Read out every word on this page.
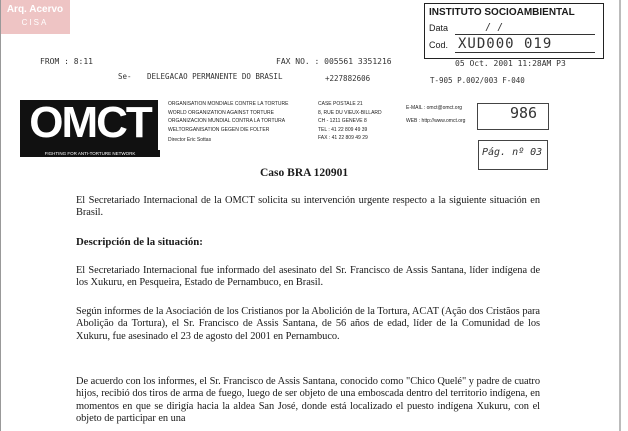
Arq. Acervo
CISA
INSTITUTO SOCIOAMBIENTAL
Data	/ /
Cod. XUD000 019
FROM : 8:11	FAX NO. : 005561 3351216	05 Oct. 2001 11:28AM P3
Se- DELEGACAO PERMANENTE DO BRASIL	+227882606	T-905 P.002/003 F-040
OMCT
FIGHTING FOR ANTI-TORTURE NETWORK
ORGANISATION MONDIALE CONTRE LA TORTURE
WORLD ORGANIZATION AGAINST TORTURE
ORGANIZACION MUNDIAL CONTRA LA TORTURA
WELTORGANISATION GEGEN DIE FOLTER
Director Eric Sottas
CASE POSTALE 21
8, RUE DU VIEUX-BILLARD
CH - 1211 GENEVE 8
TEL : 41 22 809 49 39
FAX : 41 22 809 49 29
E-MAIL : omct@omct.org
WEB : http://www.omct.org	986
Pág. nº 03
Caso BRA 120901
El Secretariado Internacional de la OMCT solicita su intervención urgente respecto a la siguiente situación en Brasil.
Descripción de la situación:
El Secretariado Internacional fue informado del asesinato del Sr. Francisco de Assis Santana, líder indígena de los Xukuru, en Pesqueira, Estado de Pernambuco, en Brasil.
Según informes de la Asociación de los Cristianos por la Abolición de la Tortura, ACAT (Ação dos Cristãos para Abolição da Tortura), el Sr. Francisco de Assis Santana, de 56 años de edad, líder de la Comunidad de los Xukuru, fue asesinado el 23 de agosto del 2001 en Pernambuco.
De acuerdo con los informes, el Sr. Francisco de Assis Santana, conocido como "Chico Quelé" y padre de cuatro hijos, recibió dos tiros de arma de fuego, luego de ser objeto de una emboscada dentro del territorio indígena, en momentos en que se dirigía hacia la aldea San José, donde está localizado el puesto indígena Xukuru, con el objeto de participar en una
